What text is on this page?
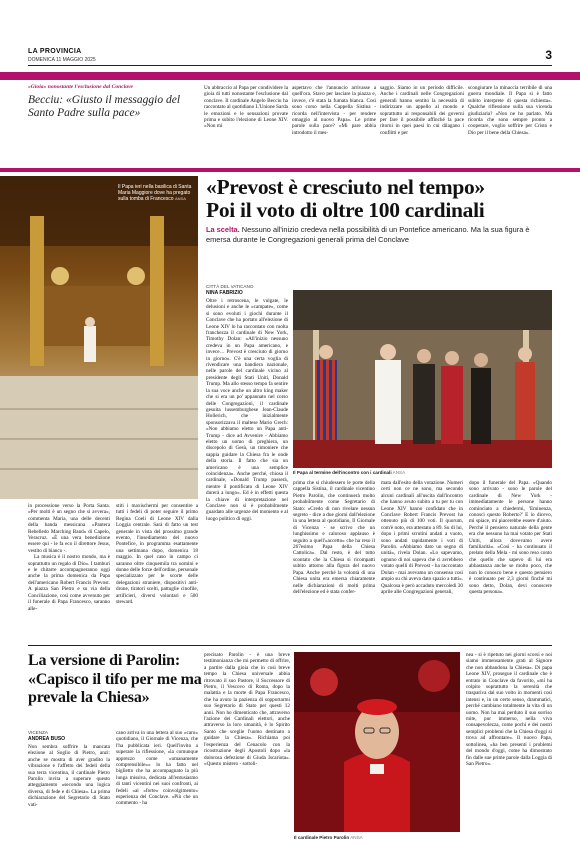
LA PROVINCIA
DOMENICA 11 MAGGIO 2025	3
«Gioia» nonostante l'esclusione dal Conclave
Becciu: «Giusto il messaggio del Santo Padre sulla pace»

Un abbraccio al Papa per condividere la gioia di tutti nonostante l'esclusione dal conclave. Il cardinale Angelo Becciu ha raccontato al quotidiano L'Unione Sarda le emozioni e le sensazioni provate prima e subito l'elezione di Leone XIV. «Non mi

aspettavo che l'annuncio arrivasse a quell'ora. Stavo per lasciare la piazza e, invece, c'è stata la fumata bianca. Così sono corso nella Cappella Sistina - ricorda nell'intervista - per rendere omaggio al nuovo Papa». Le prime parole sulla pace? «Mi pare abbia introdotto il mes-

saggio. Siamo in un periodo difficile. Anche i cardinali nelle Congregazioni generali hanno sentito la necessità di indirizzare un appello al mondo e soprattutto ai responsabili dei governi per fare il possibile affinché la pace ritorni in quei paesi in cui dilagano i conflitti e per

scongiurare la minaccia terribile di una guerra mondiale. Il Papa si è fatto subito interprete di questa richiesta». Qualche riflessione sulla sua vicenda giudiziaria? «Non ne ho parlato. Ma ricorda che sono sempre pronto a cooperare, voglio soffrire per Cristo e Dio per il bene della Chiesa».

Il Papa ieri nella basilica di Santa Maria Maggiore dove ha pregato sulla tomba di Francesco ANSA «Prevost è cresciuto nel tempo»
Poi il voto di oltre 100 cardinali
La scelta. Nessuno all'inizio credeva nella possibilità di un Pontefice americano. Ma la sua figura è emersa durante le Congregazioni generali prima del Conclave
CITTÀ DEL VATICANO
NINA FABRIZIO

Oltre i retroscena, le vulgate, le delusioni e anche le «campate», come si sono evoluti i giochi durante il Conclave che ha portato all'elezione di Leone XIV lo ha raccontato con molta franchezza il cardinale di New York, Timothy Dolan: «All'inizio nessuno credeva in un Papa americano, e invece… Prevost è cresciuto di giorno in giorno». C'è una certa voglia di rivendicare una bandiera nazionale, nelle parole del cardinale vicino al presidente degli Stati Uniti, Donald Trump. Ma allo stesso tempo fa sentire la sua voce anche un altro king maker che si era un po' appannato nel corso delle Congregazioni, il cardinale gesuita lussemburghese Jean-Claude Hollerich, che inizialmente sponsorizzava il maltese Mario Grech: «Non abbiamo eletto un Papa anti-Trump - dice ad Avvenire - Abbiamo eletto un uomo di preghiera, un discepolo di Gesù, un timoniere che sappia guidare la Chiesa fra le onde della storia. Il fatto che sia un americano è una semplice coincidenza». Anche perché, chiosa il cardinale, «Donald Trump passerà, mentre il pontificato di Leone XIV durerà a lungo». Ed è in effetti questa la chiave di interpretazione nel Conclave non si è probabilmente guardato alle urgenze del momento e al luogo politico di oggi.

Il Papa al termine dell'incontro con i cardinali ANSA

prima che si chiudessero le porte della cappella Sistina, il cardinale vicentino Pietro Parolin, che continuerà molto probabilmente come Segretario di Stato: «Credo di non rivelare nessun segreto - dice a due giorni dall'elezione in una lettera al quotidiano, Il Giornale di Vicenza - se scrivo che un lunghissimo e caloroso applauso è seguito a quell'«accetto» che ha reso il 267esimo Papa della Chiesa Cattolica». Dal resto, è del tutto scontato che la Chiesa si ricompatti subito attorno alla figura del nuovo Papa. Anche perché la volontà di una Chiesa unita era emersa chiaramente nelle dichiarazioni di molti prima dell'elezione ed è stata confer-

mata dall'esito della votazione. Numeri certi non ce ne sono, ma secondo alcuni cardinali all'uscita dall'incontro che hanno avuto subito a tu per tu con Leone XIV hanno confidato che in Conclave Robert Francis Prevost ha ottenuto più di 100 voti. Il quorum, com'è noto, era attestato a 89. Su di lui, dopo i primi scrutini andati a vuoto, sono andati rapidamente i voti di Parolin. «Abbiamo dato un segno di unità», rivela Dolan. «Lo sapevamo, ognuno di noi sapeva che ci avrebbero votato quelli di Prevost - ha raccontato Dolan - mai avevamo un consenso così ampio su chi aveva dato spazio a tutti». Qualcosa è però accaduto mercoledì 30 aprile alle Congregazioni generali,

dopo il funerale del Papa. «Quando sono arrivato - sono le parole del cardinale di New York - immediatamente le persone hanno cominciato a chiedermi, 'Eminenza, conosci questo Roberto?' E io dicevo, mi spiace, mi piacerebbe essere d'aiuto. Perché il pensiero naturale della gente era che nessuno ha mai votato per Stati Uniti, allora dovevamo avere familiarità». «Così - ha continuato il prelato della Mela - mi sono reso conto che quello che sapevo di lui era abbastanza anche se molto poco, che non lo conosco bene e questo pensiero è continuato per 2,3 giorni finché mi sono detto, Dolan, devi conoscere questa persona».

in processione verso la Porta Santa. «Per molti è un segno che si avvera», commenta Maria, una delle decenti della banda messicana «Pantera Rebelledo Marching Band» di Capelo, Veracruz. «È una vera benedizione essere qui - le fa eco il direttore Jesus, vestito di bianco -.

La musica è il nostro mondo, ma è soprattutto un regalo di Dio». I tamburi e le chitarre accompagneranno oggi anche la prima domenica da Papa dell'americano Robert Francis Prevost. A piazza San Pietro e su via della Conciliazione, così come avvenuto per il funerale di Papa Francesco, saranno alle-

stiti i maxischermi per consentire a tutti i fedeli di poter seguire il primo Regina Coeli di Leone XIV dalla Loggia centrale. Sarà di fatto un test generale in vista del prossimo grande evento, l'insediamento del nuovo Pontefice, in programma esattamente una settimana dopo, domenica 18 maggio. In quel caso in campo ci saranno oltre cinquemila tra uomini e donne delle forze dell'ordine, personale specializzato per le scorte delle delegazioni straniere, dispositivi anti-drone, tiratori scelti, pattuglie cinofile, artificieri, diversi volontari e 500 steward.

La versione di Parolin: «Capisco il tifo per me ma prevale la Chiesa»
VICENZA
ANDREA BUSO

Non sembra soffrire la mancata elezione al Soglio di Pietro, anzi: anche se mostra di aver gradito la vibrazione e l'affetto dei fedeli della sua terra vicentina, il cardinale Pietro Parolin invita a superare questo atteggiamento «secondo una logica diversa, di fede e di Chiesa». La prima dichiarazione del Segretario di Stato vati-

cano arriva in una lettera al suo «caro» quotidiano, il Giornale di Vicenza, che l'ha pubblicata ieri. Quell'invito a superare la riflessione, «la comunque apprezzo come «umanamente comprensibile»» lo ha fatto nel biglietto che ha accompagnato la più lunga missiva, dedicata all'entusiasmo di tanti vicentini nei suoi confronti, ai fedeli «al «forte» coinvolgimento» esperienza del Conclave. «Più che un commento - ha

precisato Parolin - è una breve testimonianza che mi permetto di offrire, a partire dalla gioia che in così breve tempo la Chiesa universale abbia ritrovato il suo Pastore, il Successore di Pietro, il Vescovo di Roma, dopo la malattia e la morte di Papa Francesco, che ha avuto la pazienza di sopportarmi suo Segretario di Stato per questi 12 anni. Non ho dimenticato che, attraverso l'azione dei Cardinali elettori, anche attraverso la loro umanità, è lo Spirito Santo che sceglie l'uomo destinato a guidare la Chiesa». Richiama poi l'esperienza del Cenacolo con la ricostruzione degli Apostoli dopo «la dolorosa defezione di Giuda Iscariota». «Questo mistero - sottoli-

Il cardinale Pietro Parolin ANSA

nea - si è ripetuto nei giorni scorsi e noi siamo immensamente grati al Signore che non abbandona la Chiesa». Di papa Leone XIV, prosegue il cardinale che è entrato in Conclave da favorito, «mi ha colpito soprattutto la serenità che traspariva dal suo volto in momenti così intensi e, in un certo senso, drammatici, perché cambiano totalmente la vita di un uomo. Non ha mai perduto il suo sorriso mite, pur immerso, nella viva consapevolezza, come pochi e dei nostri semplici problemi che la Chiesa d'oggi si trova ad affrontare». Il nuovo Papa, sottolinea, «ha ben presenti i problemi del mondo d'oggi, come ha dimostrato fin dalle sue prime parole dalla Loggia di San Pietro».
